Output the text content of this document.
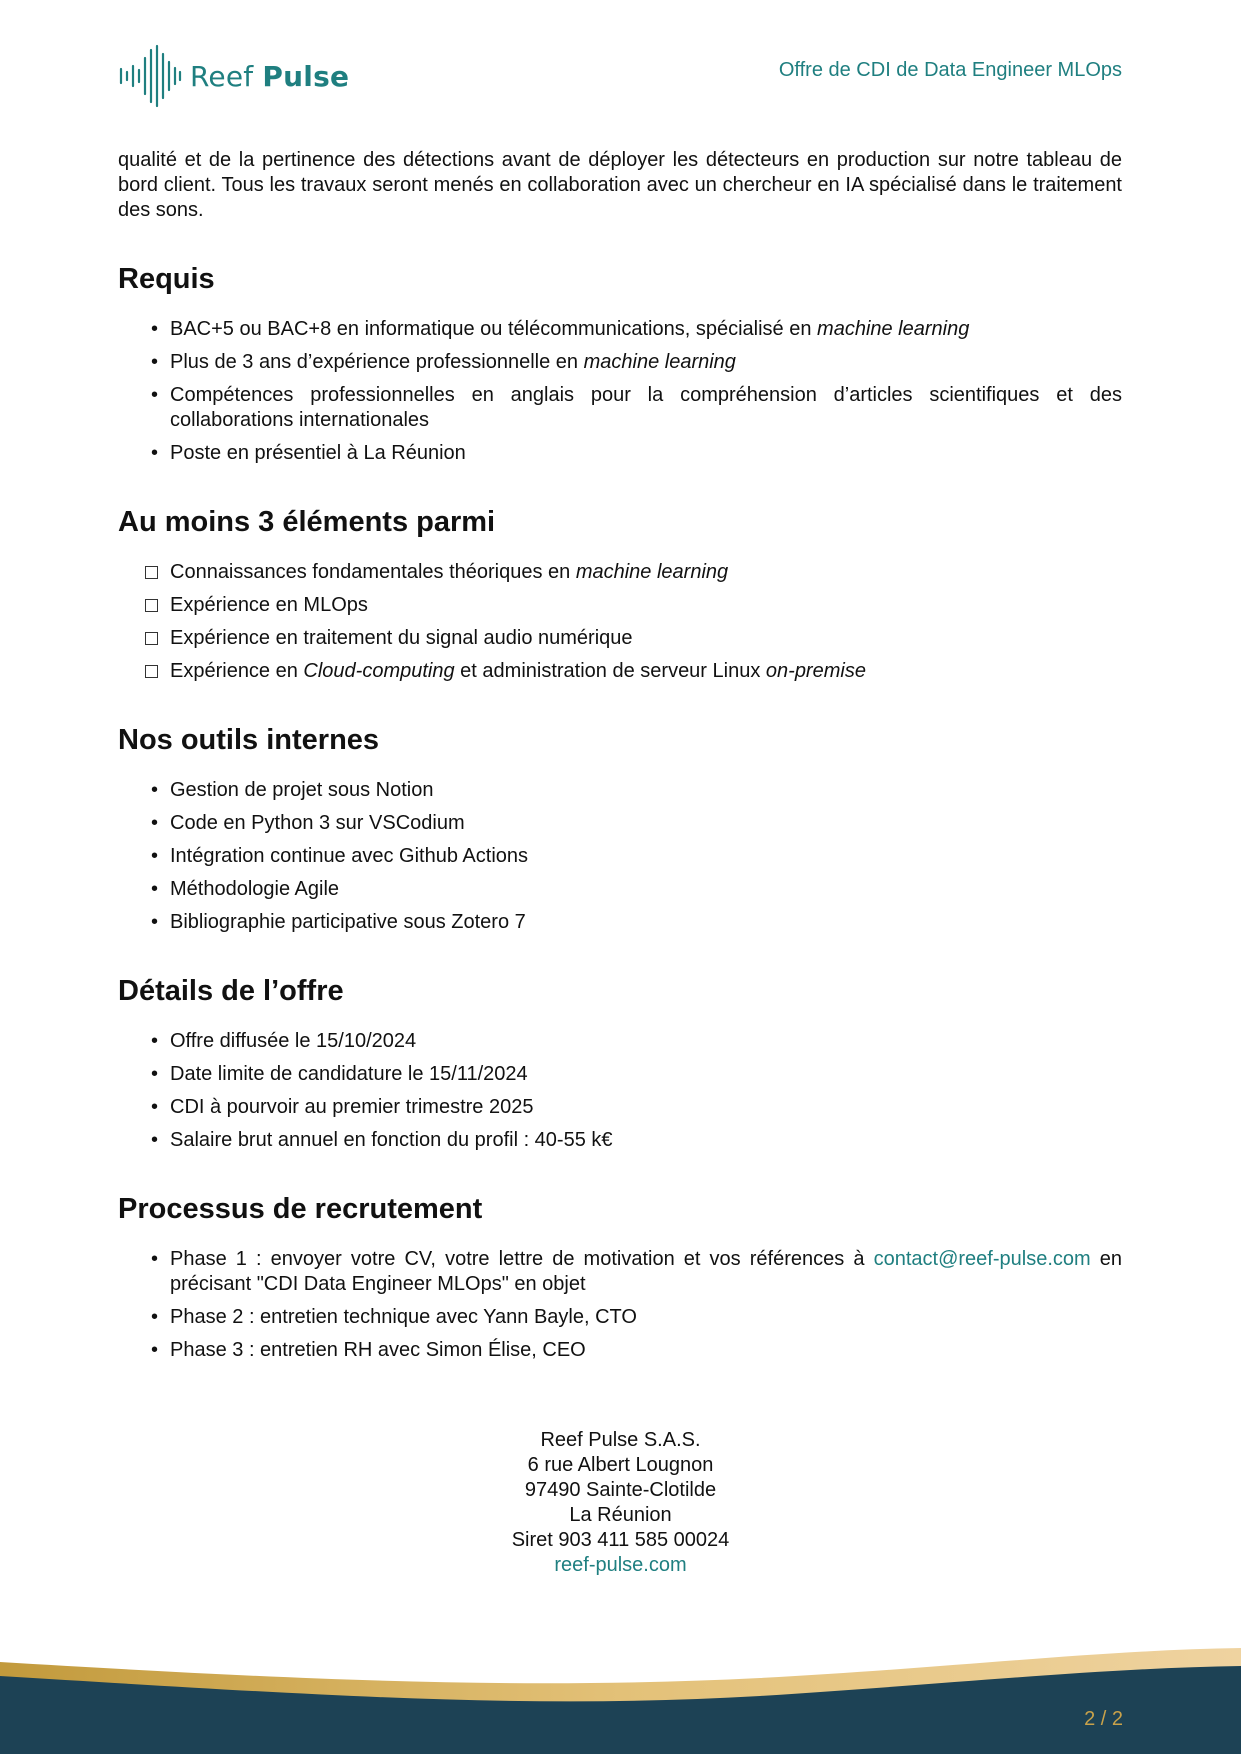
Reef Pulse	Offre de CDI de Data Engineer MLOps

qualité et de la pertinence des détections avant de déployer les détecteurs en production sur notre tableau de bord client. Tous les travaux seront menés en collaboration avec un chercheur en IA spécialisé dans le traitement des sons.

Requis
• BAC+5 ou BAC+8 en informatique ou télécommunications, spécialisé en machine learning
• Plus de 3 ans d’expérience professionnelle en machine learning
• Compétences professionnelles en anglais pour la compréhension d’articles scientifiques et des collaborations internationales
• Poste en présentiel à La Réunion
Au moins 3 éléments parmi
Connaissances fondamentales théoriques en machine learning
Expérience en MLOps
Expérience en traitement du signal audio numérique
Expérience en Cloud-computing et administration de serveur Linux on-premise
Nos outils internes
• Gestion de projet sous Notion
• Code en Python 3 sur VSCodium
• Intégration continue avec Github Actions
• Méthodologie Agile
• Bibliographie participative sous Zotero 7
Détails de l’offre
• Offre diffusée le 15/10/2024
• Date limite de candidature le 15/11/2024
• CDI à pourvoir au premier trimestre 2025
• Salaire brut annuel en fonction du profil : 40-55 k€
Processus de recrutement
• Phase 1 : envoyer votre CV, votre lettre de motivation et vos références à contact@reef-pulse.com en précisant "CDI Data Engineer MLOps" en objet
• Phase 2 : entretien technique avec Yann Bayle, CTO
• Phase 3 : entretien RH avec Simon Élise, CEO
Reef Pulse S.A.S.
6 rue Albert Lougnon
97490 Sainte-Clotilde
La Réunion
Siret 903 411 585 00024
reef-pulse.com
2 / 2
